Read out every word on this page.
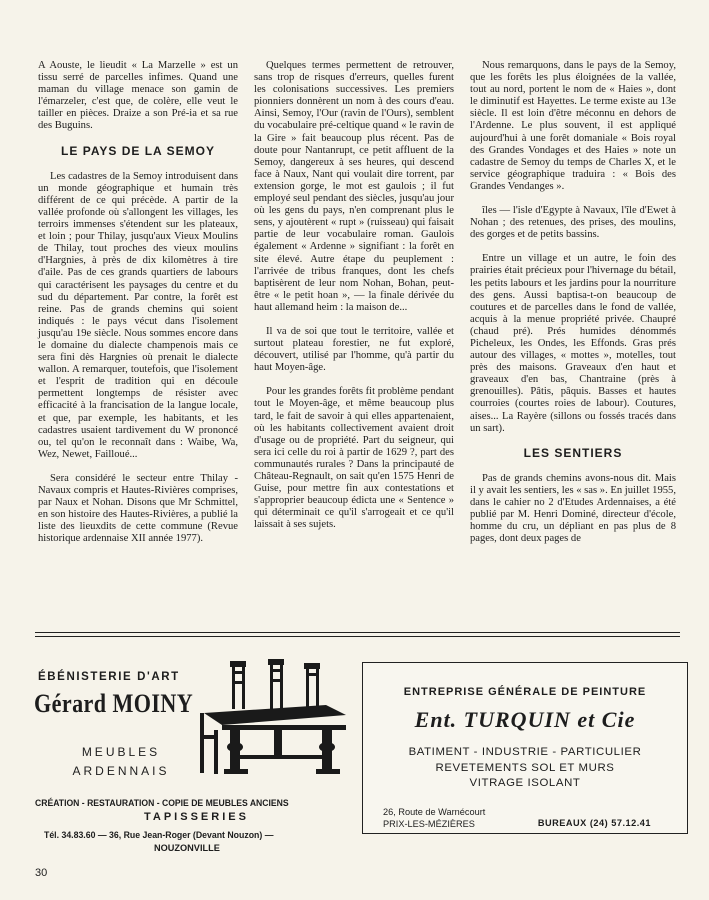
A Aouste, le lieudit « La Marzelle » est un tissu serré de parcelles infimes. Quand une maman du village menace son gamin de l'émarzeler, c'est que, de colère, elle veut le tailler en pièces. Draize a son Pré-ia et sa rue des Buguins.

LE PAYS DE LA SEMOY

Les cadastres de la Semoy introduisent dans un monde géographique et humain très différent de ce qui précède. A partir de la vallée profonde où s'allongent les villages, les terroirs immenses s'étendent sur les plateaux, et loin ; pour Thilay, jusqu'aux Vieux Moulins de Thilay, tout proches des vieux moulins d'Hargnies, à près de dix kilomètres à tire d'aile. Pas de ces grands quartiers de labours qui caractérisent les paysages du centre et du sud du département. Par contre, la forêt est reine. Pas de grands chemins qui soient indiqués : le pays vécut dans l'isolement jusqu'au 19e siècle. Nous sommes encore dans le domaine du dialecte champenois mais ce sera fini dès Hargnies où prenait le dialecte wallon. A remarquer, toutefois, que l'isolement et l'esprit de tradition qui en découle permettent longtemps de résister avec efficacité à la francisation de la langue locale, et que, par exemple, les habitants, et les cadastres usaient tardivement du W prononcé ou, tel qu'on le reconnaît dans : Waibe, Wa, Wez, Newet, Failloué...

Sera considéré le secteur entre Thilay - Navaux compris et Hautes-Rivières comprises, par Naux et Nohan. Disons que Mr Schmittel, en son histoire des Hautes-Rivières, a publié la liste des lieuxdits de cette commune (Revue historique ardennaise XII année 1977).

Quelques termes permettent de retrouver, sans trop de risques d'erreurs, quelles furent les colonisations successives. Les premiers pionniers donnèrent un nom à des cours d'eau. Ainsi, Semoy, l'Our (ravin de l'Ours), semblent du vocabulaire pré-celtique quand « le ravin de la Gire » fait beaucoup plus récent. Pas de doute pour Nantanrupt, ce petit affluent de la Semoy, dangereux à ses heures, qui descend face à Naux, Nant qui voulait dire torrent, par extension gorge, le mot est gaulois ; il fut employé seul pendant des siècles, jusqu'au jour où les gens du pays, n'en comprenant plus le sens, y ajoutèrent « rupt » (ruisseau) qui faisait partie de leur vocabulaire roman. Gaulois également « Ardenne » signifiant : la forêt en site élevé. Autre étape du peuplement : l'arrivée de tribus franques, dont les chefs baptisèrent de leur nom Nohan, Bohan, peut-être « le petit hoan », — la finale dérivée du haut allemand heim : la maison de...

Il va de soi que tout le territoire, vallée et surtout plateau forestier, ne fut exploré, découvert, utilisé par l'homme, qu'à partir du haut Moyen-âge.

Pour les grandes forêts fit problème pendant tout le Moyen-âge, et même beaucoup plus tard, le fait de savoir à qui elles appartenaient, où les habitants collectivement avaient droit d'usage ou de propriété. Part du seigneur, qui sera ici celle du roi à partir de 1629 ?, part des communautés rurales ? Dans la principauté de Château-Regnault, on sait qu'en 1575 Henri de Guise, pour mettre fin aux contestations et s'approprier beaucoup édicta une « Sentence » qui déterminait ce qu'il s'arrogeait et ce qu'il laissait à ses sujets.

Nous remarquons, dans le pays de la Semoy, que les forêts les plus éloignées de la vallée, tout au nord, portent le nom de « Haies », dont le diminutif est Hayettes. Le terme existe au 13e siècle. Il est loin d'être méconnu en dehors de l'Ardenne. Le plus souvent, il est appliqué aujourd'hui à une forêt domaniale « Bois royal des Grandes Vondages et des Haies » note un cadastre de Semoy du temps de Charles X, et le service géographique traduira : « Bois des Grandes Vendanges ».

îles — l'isle d'Egypte à Navaux, l'île d'Ewet à Nohan ; des retenues, des prises, des moulins, des gorges et de petits bassins.

Entre un village et un autre, le foin des prairies était précieux pour l'hivernage du bétail, les petits labours et les jardins pour la nourriture des gens. Aussi baptisa-t-on beaucoup de coutures et de parcelles dans le fond de vallée, acquis à la menue propriété privée. Chaupré (chaud pré). Prés humides dénommés Picheleux, les Ondes, les Effonds. Gras prés autour des villages, « mottes », motelles, tout près des maisons. Graveaux d'en haut et graveaux d'en bas, Chantraine (près à grenouilles). Pâtis, pâquis. Basses et hautes courroies (courtes roies de labour). Coutures, aises... La Rayère (sillons ou fossés tracés dans un sart).

LES SENTIERS

Pas de grands chemins avons-nous dit. Mais il y avait les sentiers, les « sas ». En juillet 1955, dans le cahier no 2 d'Etudes Ardennaises, a été publié par M. Henri Dominé, directeur d'école, homme du cru, un dépliant en pas plus de 8 pages, dont deux pages de

ÉBÉNISTERIE D'ART
Gérard MOINY
MEUBLES
ARDENNAIS
CRÉATION - RESTAURATION - COPIE DE MEUBLES ANCIENS
TAPISSERIES
Tél. 34.83.60 — 36, Rue Jean-Roger (Devant Nouzon) —
NOUZONVILLE
ENTREPRISE GÉNÉRALE DE PEINTURE
Ent. TURQUIN et Cie
BATIMENT - INDUSTRIE - PARTICULIER
REVETEMENTS SOL ET MURS
VITRAGE ISOLANT
26, Route de Warnécourt
PRIX-LES-MÉZIÈRES	BUREAUX (24) 57.12.41
30
